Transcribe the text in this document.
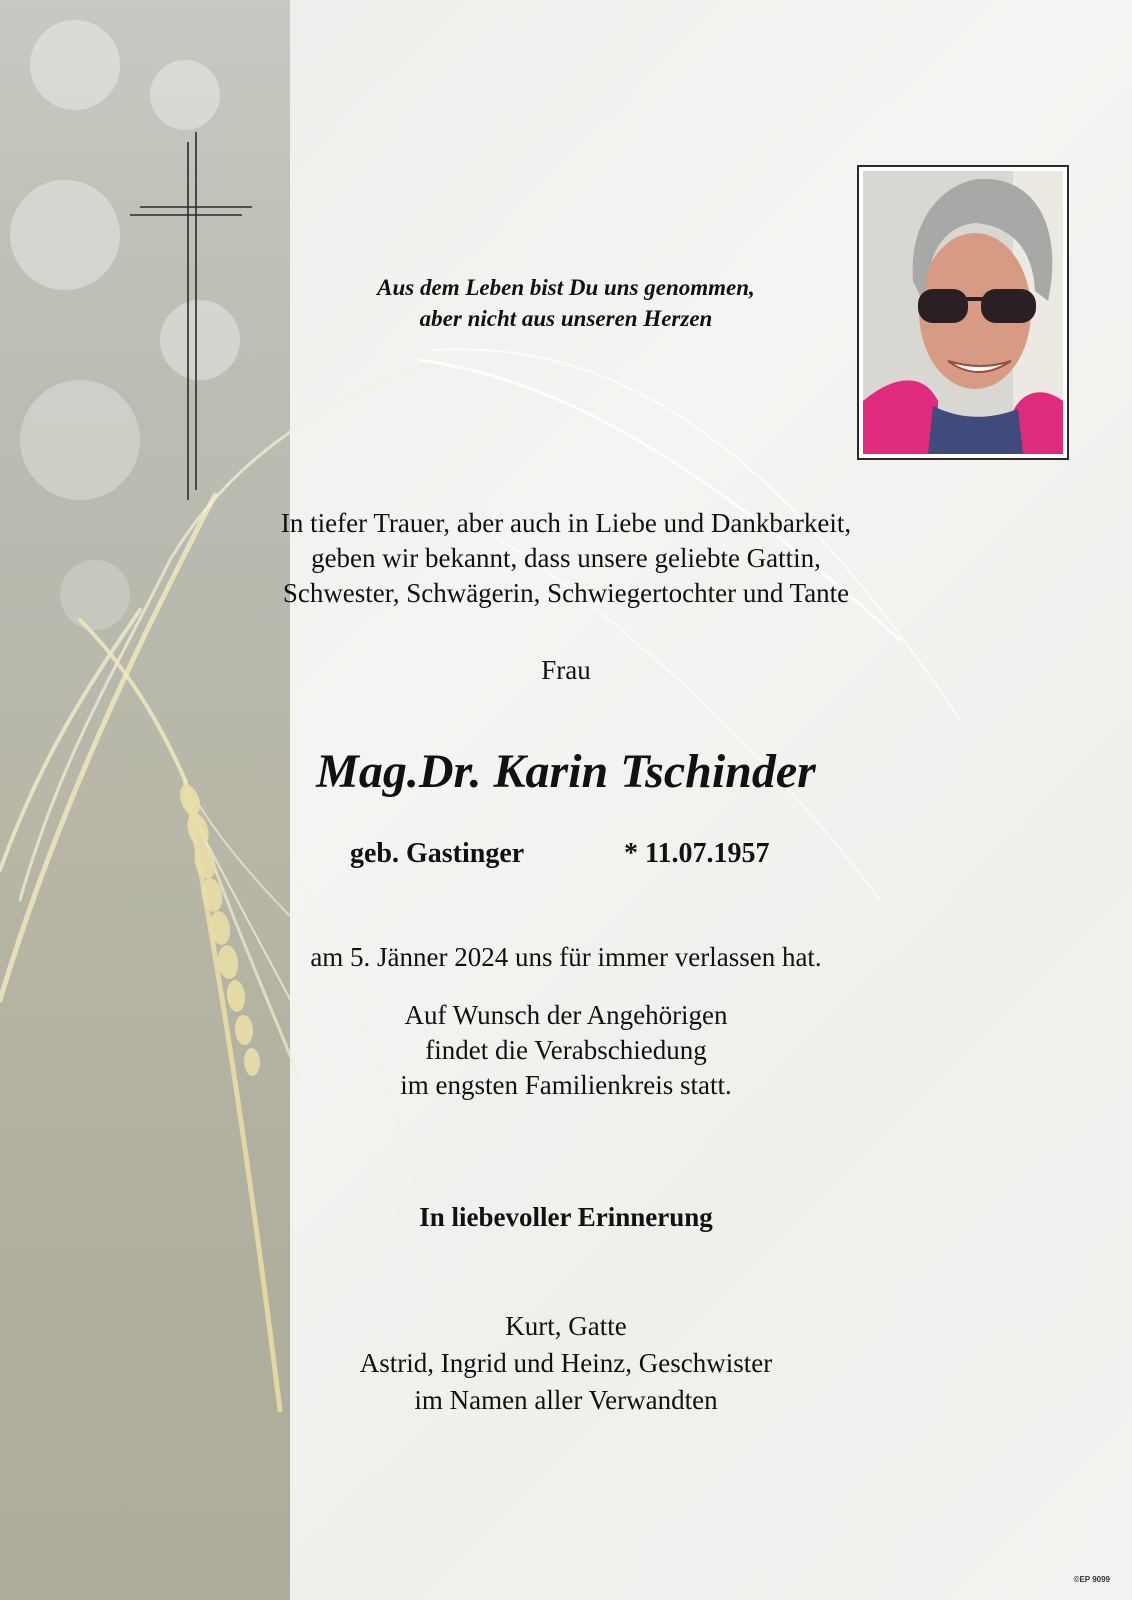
Aus dem Leben bist Du uns genommen,
aber nicht aus unseren Herzen

In tiefer Trauer, aber auch in Liebe und Dankbarkeit,
geben wir bekannt, dass unsere geliebte Gattin,
Schwester, Schwägerin, Schwiegertochter und Tante

Frau

Mag.Dr. Karin Tschinder

geb. Gastinger	* 11.07.1957

am 5. Jänner 2024 uns für immer verlassen hat.

Auf Wunsch der Angehörigen
findet die Verabschiedung
im engsten Familienkreis statt.

In liebevoller Erinnerung

Kurt, Gatte
Astrid, Ingrid und Heinz, Geschwister
im Namen aller Verwandten

©EP 9099
